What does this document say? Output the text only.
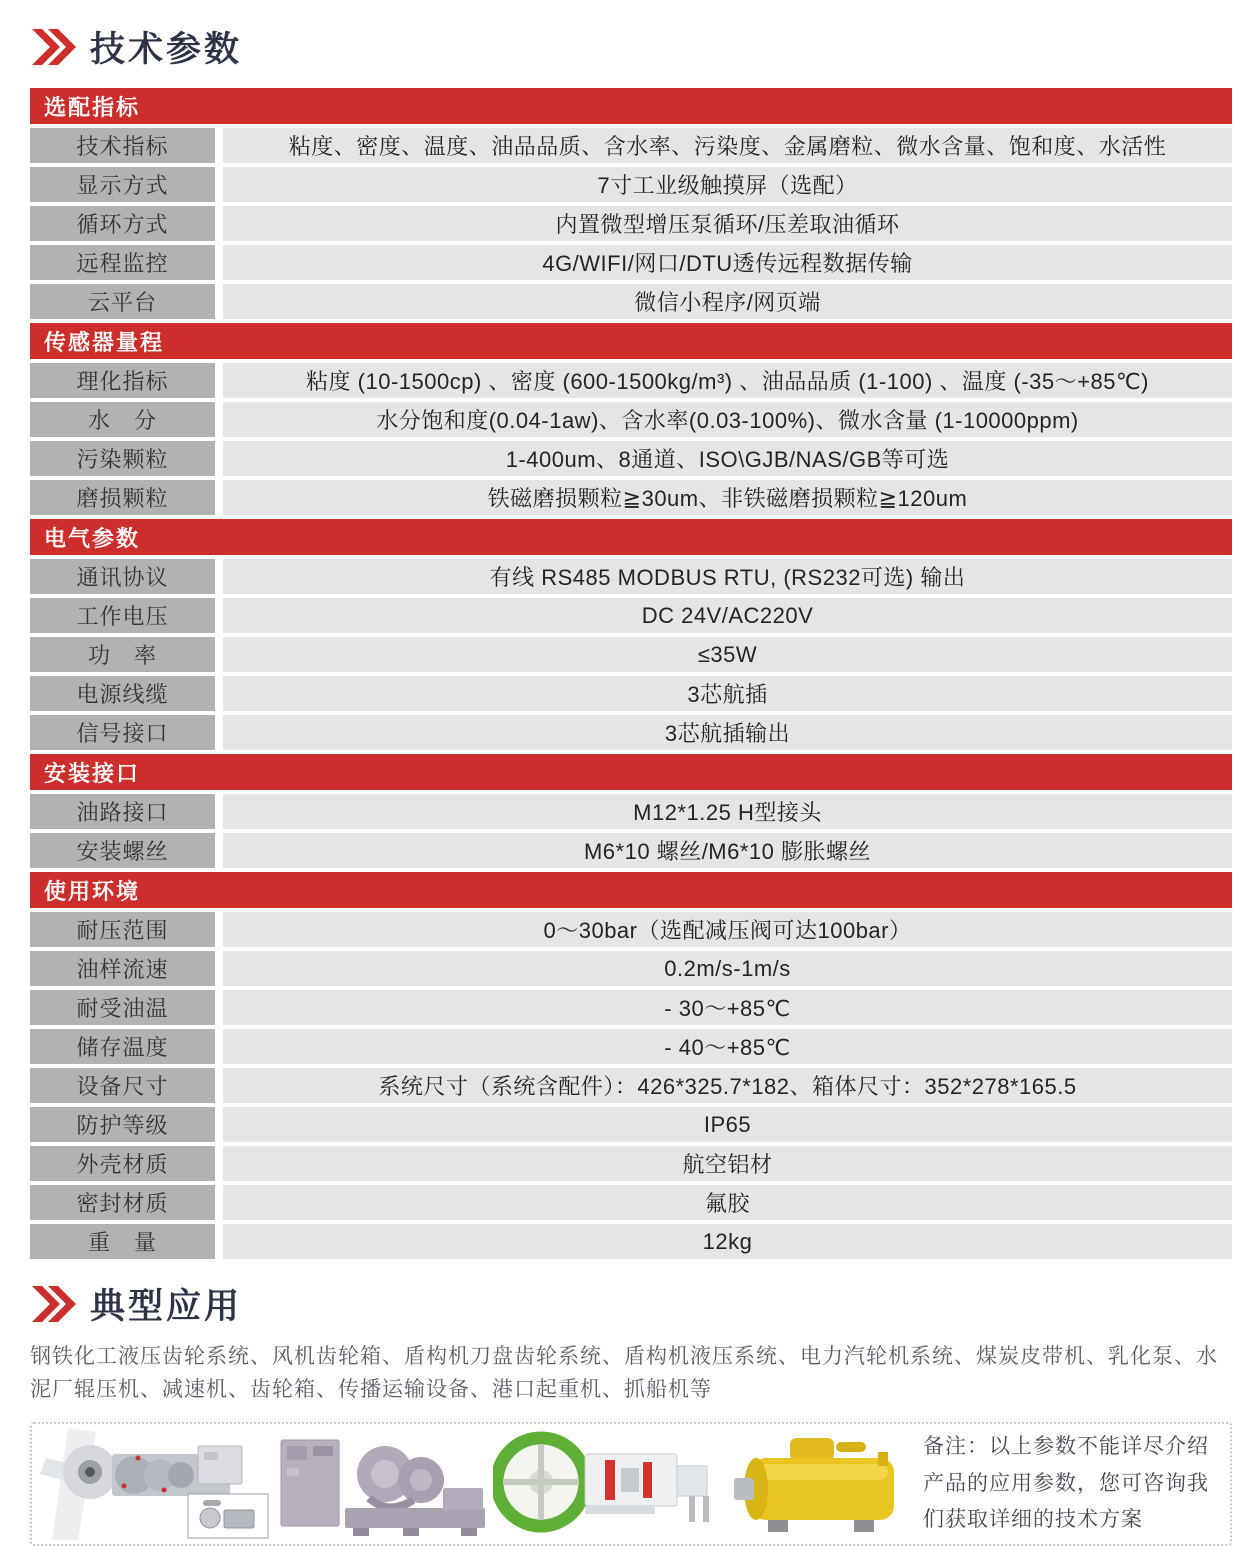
技术参数
选配指标
技术指标	粘度、密度、温度、油品品质、含水率、污染度、金属磨粒、微水含量、饱和度、水活性
显示方式	7寸工业级触摸屏（选配）
循环方式	内置微型增压泵循环/压差取油循环
远程监控	4G/WIFI/网口/DTU透传远程数据传输
云平台	微信小程序/网页端
传感器量程
理化指标	粘度 (10-1500cp) 、密度 (600-1500kg/m³) 、油品品质 (1-100) 、温度 (-35～+85℃)
水　分	水分饱和度(0.04-1aw)、含水率(0.03-100%)、微水含量 (1-10000ppm)
污染颗粒	1-400um、8通道、ISO\GJB/NAS/GB等可选
磨损颗粒	铁磁磨损颗粒≧30um、非铁磁磨损颗粒≧120um
电气参数
通讯协议	有线 RS485 MODBUS RTU, (RS232可选) 输出
工作电压	DC 24V/AC220V
功　率	≤35W
电源线缆	3芯航插
信号接口	3芯航插输出
安装接口
油路接口	M12*1.25 H型接头
安装螺丝	M6*10 螺丝/M6*10 膨胀螺丝
使用环境
耐压范围	0～30bar（选配减压阀可达100bar）
油样流速	0.2m/s-1m/s
耐受油温	- 30～+85℃
储存温度	- 40～+85℃
设备尺寸	系统尺寸（系统含配件）：426*325.7*182、箱体尺寸：352*278*165.5
防护等级	IP65
外壳材质	航空铝材
密封材质	氟胶
重　量	12kg
典型应用
钢铁化工液压齿轮系统、风机齿轮箱、盾构机刀盘齿轮系统、盾构机液压系统、电力汽轮机系统、煤炭皮带机、乳化泵、水泥厂辊压机、减速机、齿轮箱、传播运输设备、港口起重机、抓船机等
备注：以上参数不能详尽介绍产品的应用参数，您可咨询我们获取详细的技术方案
